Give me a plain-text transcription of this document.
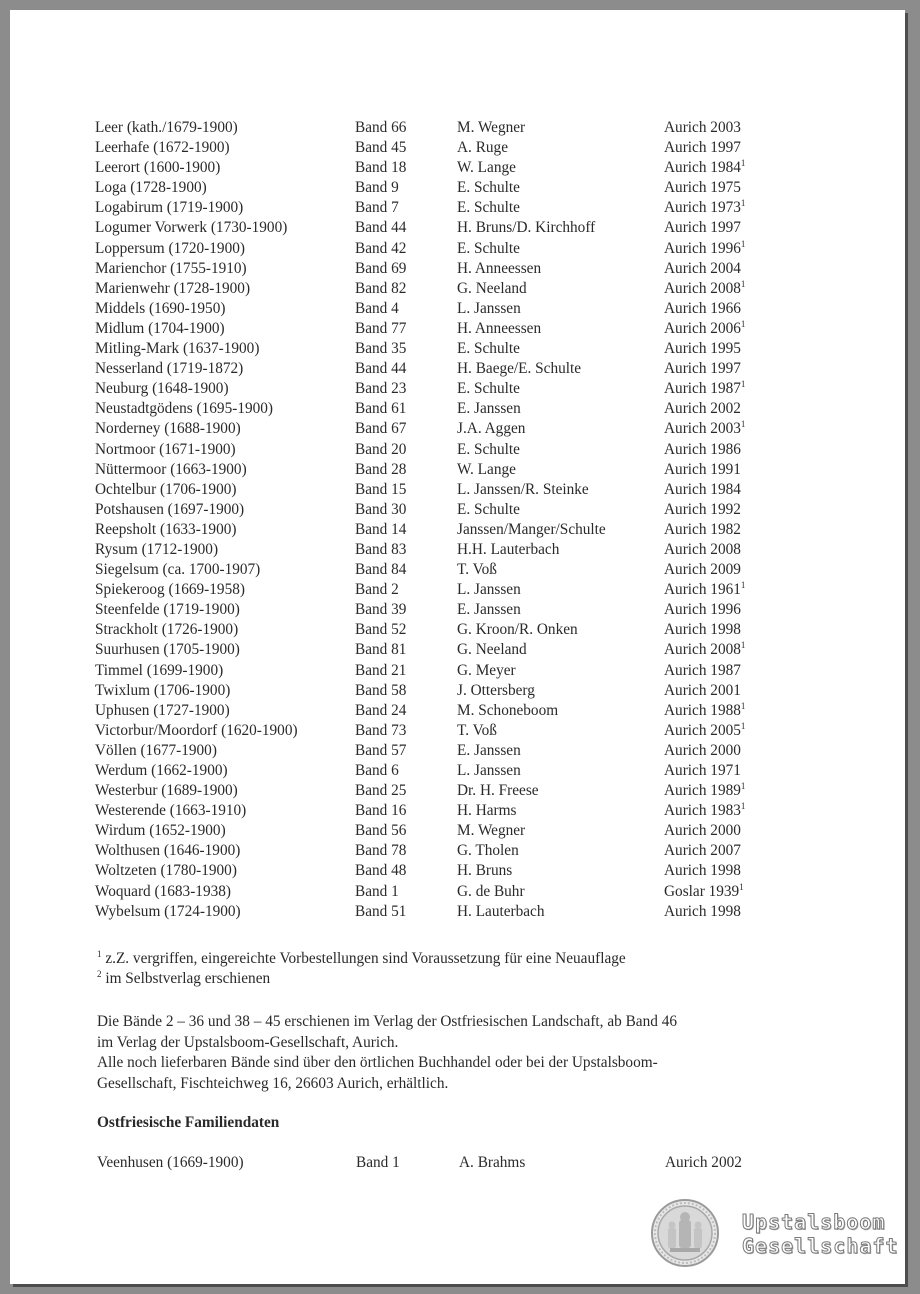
Leer (kath./1679-1900)	Band 66	M. Wegner	Aurich 2003
Leerhafe (1672-1900)	Band 45	A. Ruge	Aurich 1997
Leerort (1600-1900)	Band 18	W. Lange	Aurich 1984$^1$
Loga (1728-1900)	Band 9	E. Schulte	Aurich 1975
Logabirum (1719-1900)	Band 7	E. Schulte	Aurich 1973$^1$
Logumer Vorwerk (1730-1900)	Band 44	H. Bruns/D. Kirchhoff	Aurich 1997
Loppersum (1720-1900)	Band 42	E. Schulte	Aurich 1996$^1$
Marienchor (1755-1910)	Band 69	H. Anneessen	Aurich 2004
Marienwehr (1728-1900)	Band 82	G. Neeland	Aurich 2008$^1$
Middels (1690-1950)	Band 4	L. Janssen	Aurich 1966
Midlum (1704-1900)	Band 77	H. Anneessen	Aurich 2006$^1$
Mitling-Mark (1637-1900)	Band 35	E. Schulte	Aurich 1995
Nesserland (1719-1872)	Band 44	H. Baege/E. Schulte	Aurich 1997
Neuburg (1648-1900)	Band 23	E. Schulte	Aurich 1987$^1$
Neustadtgödens (1695-1900)	Band 61	E. Janssen	Aurich 2002
Norderney (1688-1900)	Band 67	J.A. Aggen	Aurich 2003$^1$
Nortmoor (1671-1900)	Band 20	E. Schulte	Aurich 1986
Nüttermoor (1663-1900)	Band 28	W. Lange	Aurich 1991
Ochtelbur (1706-1900)	Band 15	L. Janssen/R. Steinke	Aurich 1984
Potshausen (1697-1900)	Band 30	E. Schulte	Aurich 1992
Reepsholt (1633-1900)	Band 14	Janssen/Manger/Schulte	Aurich 1982
Rysum (1712-1900)	Band 83	H.H. Lauterbach	Aurich 2008
Siegelsum (ca. 1700-1907)	Band 84	T. Voß	Aurich 2009
Spiekeroog (1669-1958)	Band 2	L. Janssen	Aurich 1961$^1$
Steenfelde (1719-1900)	Band 39	E. Janssen	Aurich 1996
Strackholt (1726-1900)	Band 52	G. Kroon/R. Onken	Aurich 1998
Suurhusen (1705-1900)	Band 81	G. Neeland	Aurich 2008$^1$
Timmel (1699-1900)	Band 21	G. Meyer	Aurich 1987
Twixlum (1706-1900)	Band 58	J. Ottersberg	Aurich 2001
Uphusen (1727-1900)	Band 24	M. Schoneboom	Aurich 1988$^1$
Victorbur/Moordorf (1620-1900)	Band 73	T. Voß	Aurich 2005$^1$
Völlen (1677-1900)	Band 57	E. Janssen	Aurich 2000
Werdum (1662-1900)	Band 6	L. Janssen	Aurich 1971
Westerbur (1689-1900)	Band 25	Dr. H. Freese	Aurich 1989$^1$
Westerende (1663-1910)	Band 16	H. Harms	Aurich 1983$^1$
Wirdum (1652-1900)	Band 56	M. Wegner	Aurich 2000
Wolthusen (1646-1900)	Band 78	G. Tholen	Aurich 2007
Woltzeten (1780-1900)	Band 48	H. Bruns	Aurich 1998
Woquard (1683-1938)	Band 1	G. de Buhr	Goslar 1939$^1$
Wybelsum (1724-1900)	Band 51	H. Lauterbach	Aurich 1998
$^1$ z.Z. vergriffen, eingereichte Vorbestellungen sind Voraussetzung für eine Neuauflage
$^2$ im Selbstverlag erschienen

Die Bände 2 – 36 und 38 – 45 erschienen im Verlag der Ostfriesischen Landschaft, ab Band 46

im Verlag der Upstalsboom-Gesellschaft, Aurich.

Alle noch lieferbaren Bände sind über den örtlichen Buchhandel oder bei der Upstalsboom-

Gesellschaft, Fischteichweg 16, 26603 Aurich, erhältlich.

Ostfriesische Familiendaten
Veenhusen (1669-1900)	Band 1	A. Brahms	Aurich 2002
Upstalsboom
Gesellschaft
